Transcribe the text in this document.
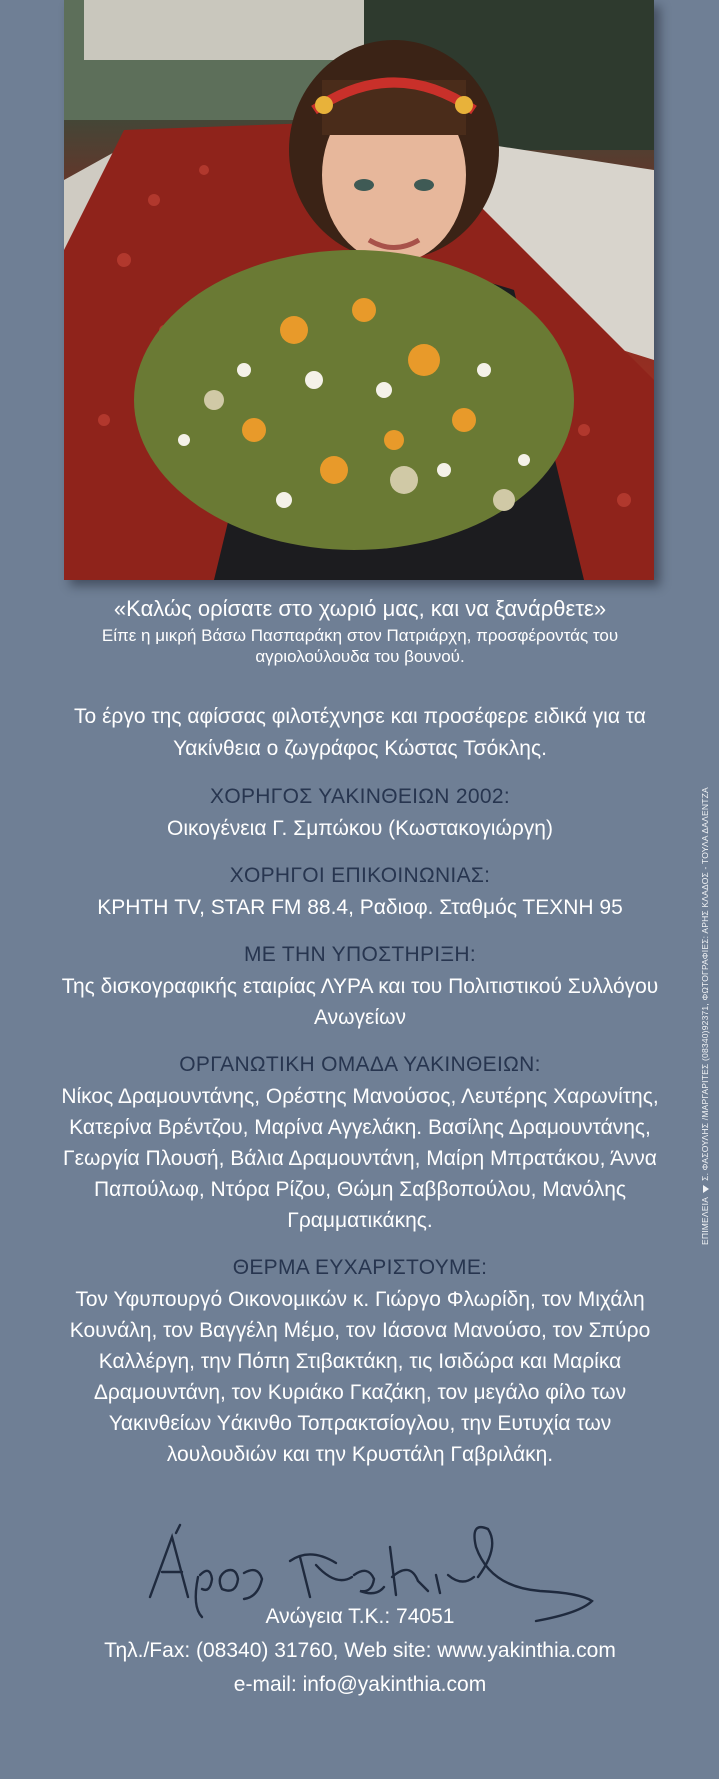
ΕΠΙΜΕΛΕΙΑΣ. ΦΑΣΟΥΛΗΣ /ΜΑΡΓΑΡΙΤΕΣ (08340)92371, ΦΩΤΟΓΡΑΦΙΕΣ: ΑΡΗΣ ΚΛΑΔΟΣ - ΤΟΥΛΑ ΔΑΛΕΝΤΖΑ

«Καλώς ορίσατε στο χωριό μας, και να ξανάρθετε»

Είπε η μικρή Βάσω Πασπαράκη στον Πατριάρχη, προσφέροντάς του αγριολούλουδα του βουνού.

Το έργο της αφίσσας φιλοτέχνησε και προσέφερε ειδικά για τα Υακίνθεια ο ζωγράφος Κώστας Τσόκλης.

ΧΟΡΗΓΟΣ ΥΑΚΙΝΘΕΙΩΝ 2002:

Οικογένεια Γ. Σμπώκου (Κωστακογιώργη)

ΧΟΡΗΓΟΙ ΕΠΙΚΟΙΝΩΝΙΑΣ:

ΚΡΗΤΗ TV, STAR FM 88.4, Ραδιοφ. Σταθμός ΤΕΧΝΗ 95

ΜΕ ΤΗΝ ΥΠΟΣΤΗΡΙΞΗ:

Της δισκογραφικής εταιρίας ΛΥΡΑ και του Πολιτιστικού Συλλόγου Ανωγείων

ΟΡΓΑΝΩΤΙΚΗ ΟΜΑΔΑ ΥΑΚΙΝΘΕΙΩΝ:

Νίκος Δραμουντάνης, Ορέστης Μανούσος, Λευτέρης Χαρωνίτης, Κατερίνα Βρέντζου, Μαρίνα Αγγελάκη. Βασίλης Δραμουντάνης, Γεωργία Πλουσή, Βάλια Δραμουντάνη, Μαίρη Μπρατάκου, Άννα Παπούλωφ, Ντόρα Ρίζου, Θώμη Σαββοπούλου, Μανόλης Γραμματικάκης.

ΘΕΡΜΑ ΕΥΧΑΡΙΣΤΟΥΜΕ:

Τον Υφυπουργό Οικονομικών κ. Γιώργο Φλωρίδη, τον Μιχάλη Κουνάλη, τον Βαγγέλη Μέμο, τον Ιάσονα Μανούσο, τον Σπύρο Καλλέργη, την Πόπη Στιβακτάκη, τις Ισιδώρα και Μαρίκα Δραμουντάνη, τον Κυριάκο Γκαζάκη, τον μεγάλο φίλο των Υακινθείων Υάκινθο Τοπρακτσίογλου, την Ευτυχία των λουλουδιών και την Κρυστάλη Γαβριλάκη.

Ανώγεια Τ.Κ.: 74051
Τηλ./Fax: (08340) 31760, Web site: www.yakinthia.com
e-mail: info@yakinthia.com
